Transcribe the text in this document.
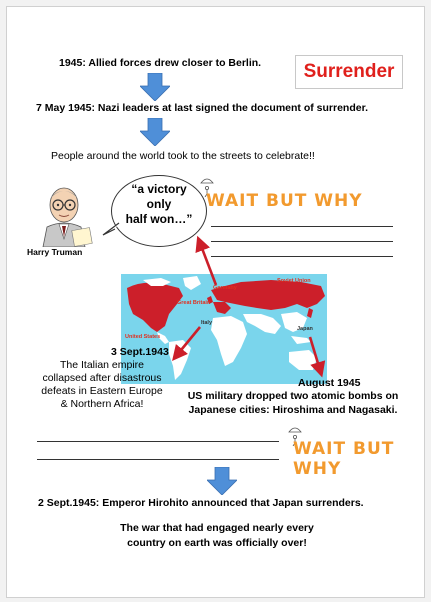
1945: Allied forces drew closer to Berlin.	Surrender
7 May 1945: Nazi leaders at last signed the document of surrender.
People around the world took to the streets to celebrate!!
Harry Truman
“a victory
only
half won…”
WAIT BUT WHY
Germany
Soviet Union
Great Britain
United States
Italy
Japan
3 Sept.1943
The Italian empire collapsed after disastrous defeats in Eastern Europe & Northern Africa!
August 1945
US military dropped two atomic bombs on Japanese cities: Hiroshima and Nagasaki.
WAIT BUT WHY
2 Sept.1945: Emperor Hirohito announced that Japan surrenders.
The war that had engaged nearly every
country on earth was officially over!
